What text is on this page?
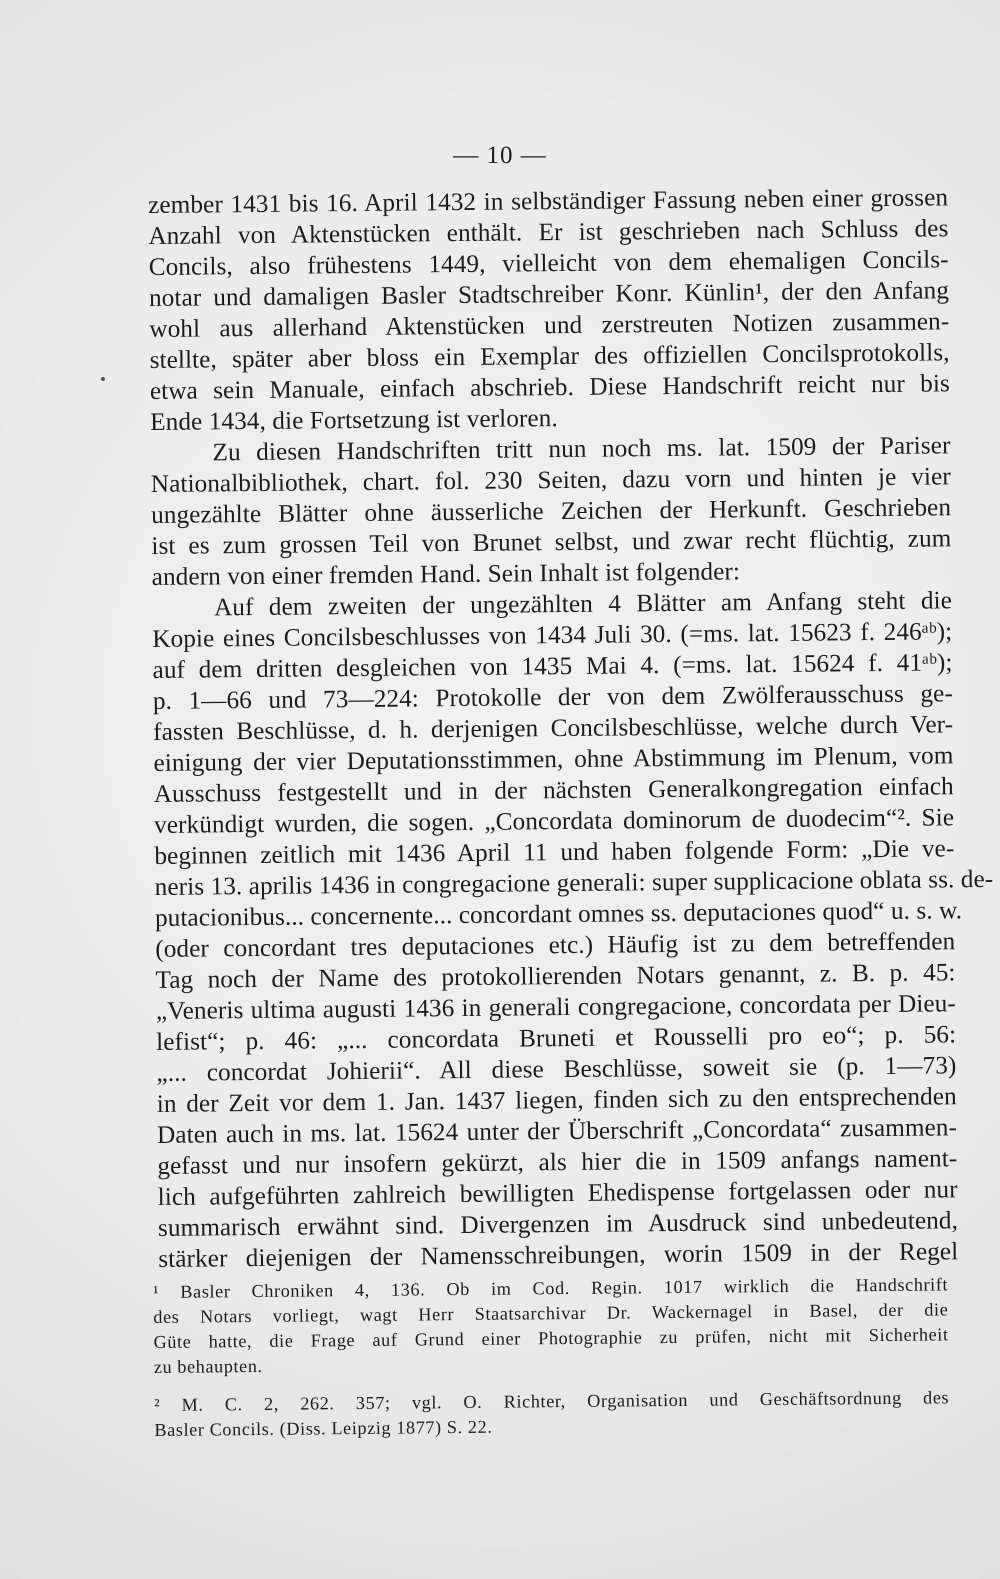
— 10 —
zember 1431 bis 16. April 1432 in selbständiger Fassung neben einer grossen
Anzahl von Aktenstücken enthält. Er ist geschrieben nach Schluss des
Concils, also frühestens 1449, vielleicht von dem ehemaligen Concils-
notar und damaligen Basler Stadtschreiber Konr. Künlin¹, der den Anfang
wohl aus allerhand Aktenstücken und zerstreuten Notizen zusammen-
stellte, später aber bloss ein Exemplar des offiziellen Concilsprotokolls,
etwa sein Manuale, einfach abschrieb. Diese Handschrift reicht nur bis
Ende 1434, die Fortsetzung ist verloren.
Zu diesen Handschriften tritt nun noch ms. lat. 1509 der Pariser
Nationalbibliothek, chart. fol. 230 Seiten, dazu vorn und hinten je vier
ungezählte Blätter ohne äusserliche Zeichen der Herkunft. Geschrieben
ist es zum grossen Teil von Brunet selbst, und zwar recht flüchtig, zum
andern von einer fremden Hand. Sein Inhalt ist folgender:
Auf dem zweiten der ungezählten 4 Blätter am Anfang steht die
Kopie eines Concilsbeschlusses von 1434 Juli 30. (=ms. lat. 15623 f. 246ᵃᵇ);
auf dem dritten desgleichen von 1435 Mai 4. (=ms. lat. 15624 f. 41ᵃᵇ);
p. 1—66 und 73—224: Protokolle der von dem Zwölferausschuss ge-
fassten Beschlüsse, d. h. derjenigen Concilsbeschlüsse, welche durch Ver-
einigung der vier Deputationsstimmen, ohne Abstimmung im Plenum, vom
Ausschuss festgestellt und in der nächsten Generalkongregation einfach
verkündigt wurden, die sogen. „Concordata dominorum de duodecim“². Sie
beginnen zeitlich mit 1436 April 11 und haben folgende Form: „Die ve-
neris 13. aprilis 1436 in congregacione generali: super supplicacione oblata ss. de-
putacionibus... concernente... concordant omnes ss. deputaciones quod“ u. s. w.
(oder concordant tres deputaciones etc.) Häufig ist zu dem betreffenden
Tag noch der Name des protokollierenden Notars genannt, z. B. p. 45:
„Veneris ultima augusti 1436 in generali congregacione, concordata per Dieu-
lefist“; p. 46: „... concordata Bruneti et Rousselli pro eo“; p. 56:
„... concordat Johierii“. All diese Beschlüsse, soweit sie (p. 1—73)
in der Zeit vor dem 1. Jan. 1437 liegen, finden sich zu den entsprechenden
Daten auch in ms. lat. 15624 unter der Überschrift „Concordata“ zusammen-
gefasst und nur insofern gekürzt, als hier die in 1509 anfangs nament-
lich aufgeführten zahlreich bewilligten Ehedispense fortgelassen oder nur
summarisch erwähnt sind. Divergenzen im Ausdruck sind unbedeutend,
stärker diejenigen der Namensschreibungen, worin 1509 in der Regel
¹ Basler Chroniken 4, 136. Ob im Cod. Regin. 1017 wirklich die Handschrift
des Notars vorliegt, wagt Herr Staatsarchivar Dr. Wackernagel in Basel, der die
Güte hatte, die Frage auf Grund einer Photographie zu prüfen, nicht mit Sicherheit
zu behaupten.
² M. C. 2, 262. 357; vgl. O. Richter, Organisation und Geschäftsordnung des
Basler Concils. (Diss. Leipzig 1877) S. 22.
